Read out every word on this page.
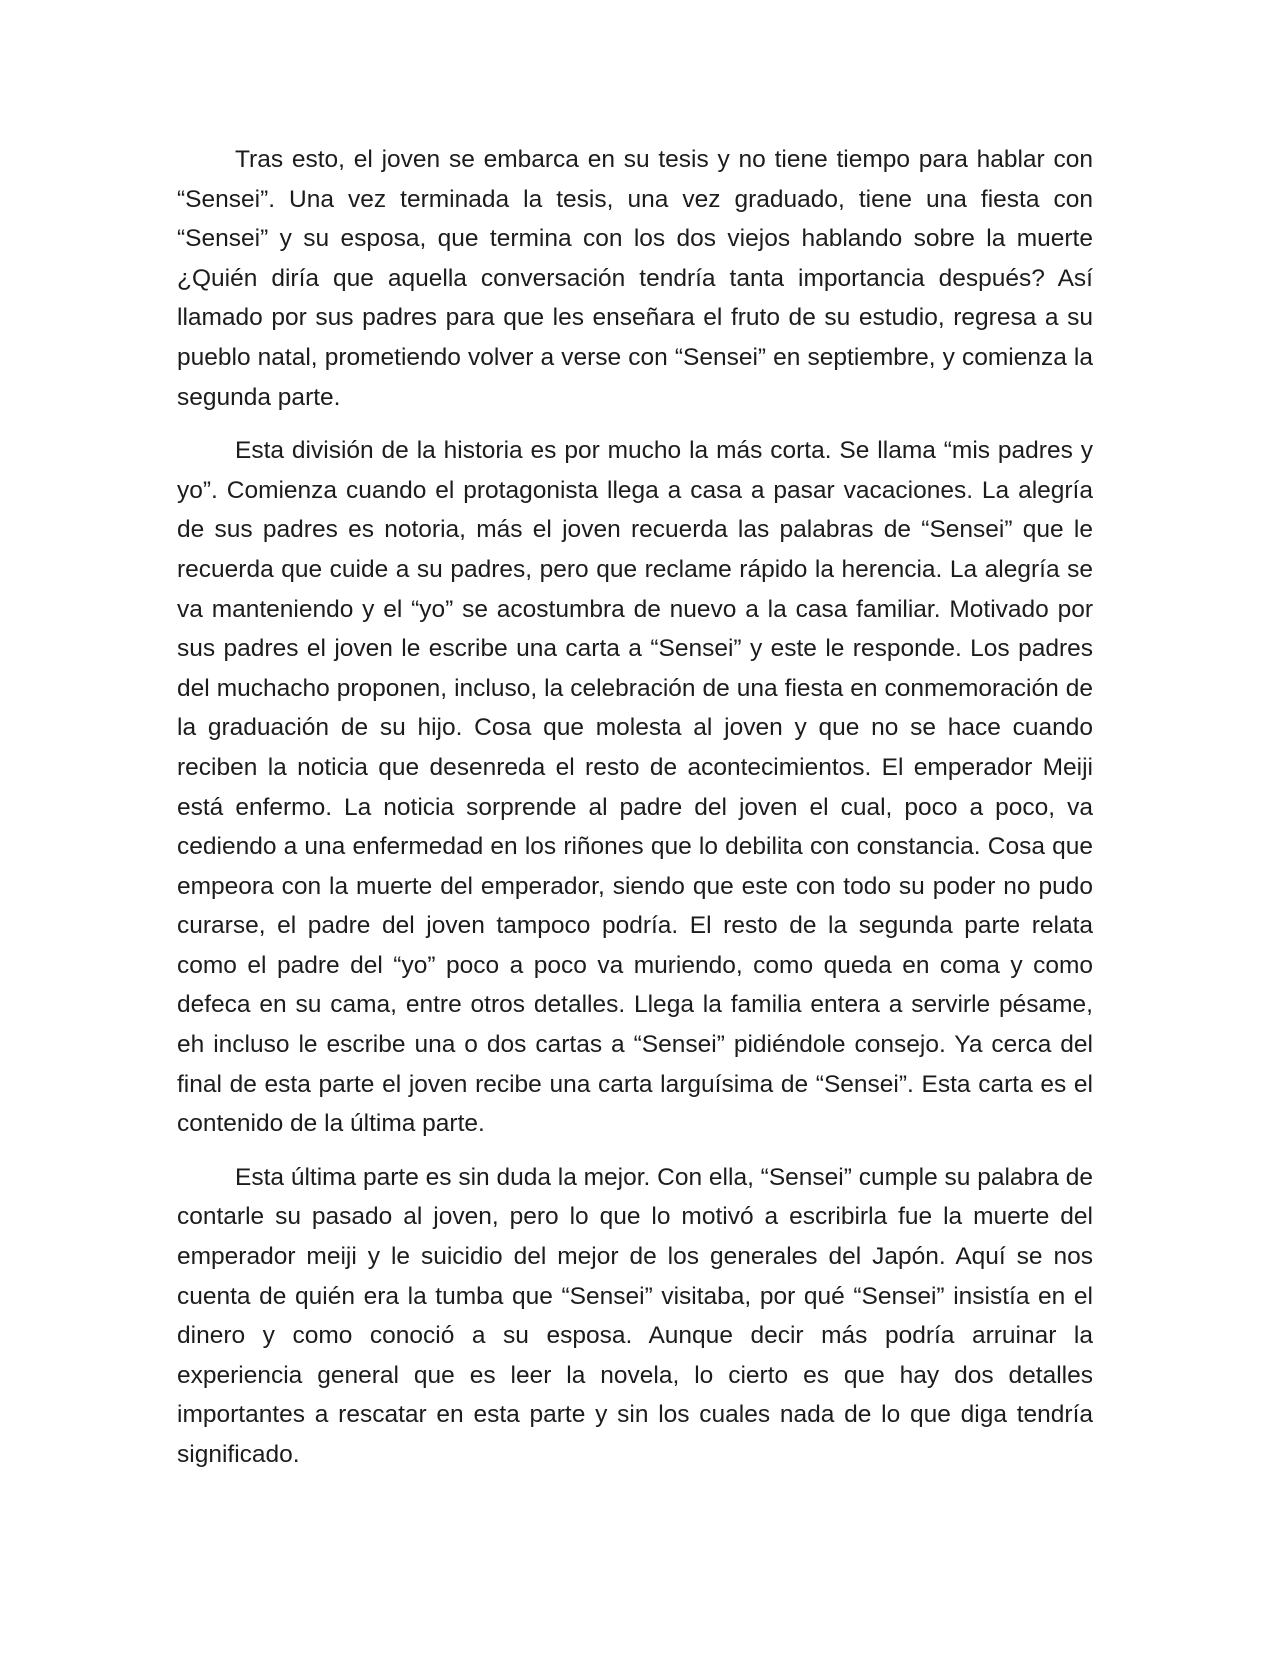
Tras esto, el joven se embarca en su tesis y no tiene tiempo para hablar con “Sensei”. Una vez terminada la tesis, una vez graduado, tiene una fiesta con “Sensei” y su esposa, que termina con los dos viejos hablando sobre la muerte ¿Quién diría que aquella conversación tendría tanta importancia después? Así llamado por sus padres para que les enseñara el fruto de su estudio, regresa a su pueblo natal, prometiendo volver a verse con “Sensei” en septiembre, y comienza la segunda parte.

Esta división de la historia es por mucho la más corta. Se llama “mis padres y yo”. Comienza cuando el protagonista llega a casa a pasar vacaciones. La alegría de sus padres es notoria, más el joven recuerda las palabras de “Sensei” que le recuerda que cuide a su padres, pero que reclame rápido la herencia. La alegría se va manteniendo y el “yo” se acostumbra de nuevo a la casa familiar. Motivado por sus padres el joven le escribe una carta a “Sensei” y este le responde. Los padres del muchacho proponen, incluso, la celebración de una fiesta en conmemoración de la graduación de su hijo. Cosa que molesta al joven y que no se hace cuando reciben la noticia que desenreda el resto de acontecimientos. El emperador Meiji está enfermo. La noticia sorprende al padre del joven el cual, poco a poco, va cediendo a una enfermedad en los riñones que lo debilita con constancia. Cosa que empeora con la muerte del emperador, siendo que este con todo su poder no pudo curarse, el padre del joven tampoco podría. El resto de la segunda parte relata como el padre del “yo” poco a poco va muriendo, como queda en coma y como defeca en su cama, entre otros detalles. Llega la familia entera a servirle pésame, eh incluso le escribe una o dos cartas a “Sensei” pidiéndole consejo. Ya cerca del final de esta parte el joven recibe una carta larguísima de “Sensei”. Esta carta es el contenido de la última parte.

Esta última parte es sin duda la mejor. Con ella, “Sensei” cumple su palabra de contarle su pasado al joven, pero lo que lo motivó a escribirla fue la muerte del emperador meiji y le suicidio del mejor de los generales del Japón. Aquí se nos cuenta de quién era la tumba que “Sensei” visitaba, por qué “Sensei” insistía en el dinero y como conoció a su esposa. Aunque decir más podría arruinar la experiencia general que es leer la novela, lo cierto es que hay dos detalles importantes a rescatar en esta parte y sin los cuales nada de lo que diga tendría significado.
